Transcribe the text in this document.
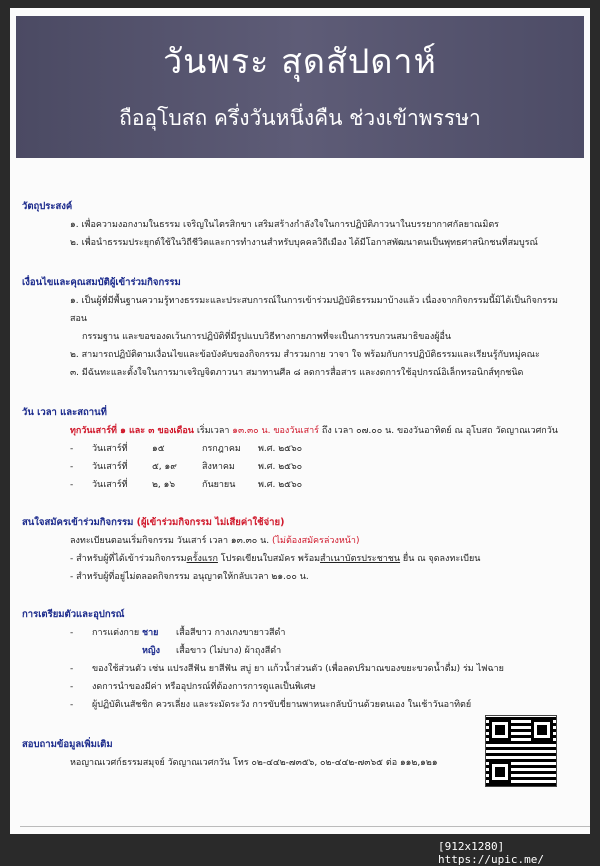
วันพระ สุดสัปดาห์
ถืออุโบสถ ครึ่งวันหนึ่งคืน ช่วงเข้าพรรษา
วัตถุประสงค์
๑. เพื่อความงอกงามในธรรม เจริญในไตรสิกขา เสริมสร้างกำลังใจในการปฏิบัติภาวนาในบรรยากาศกัลยาณมิตร
๒. เพื่อนำธรรมประยุกต์ใช้ในวิถีชีวิตและการทำงานสำหรับบุคคลวิถีเมือง ได้มีโอกาสพัฒนาตนเป็นพุทธศาสนิกชนที่สมบูรณ์
เงื่อนไขและคุณสมบัติผู้เข้าร่วมกิจกรรม
๑. เป็นผู้ที่มีพื้นฐานความรู้ทางธรรมะและประสบการณ์ในการเข้าร่วมปฏิบัติธรรมมาบ้างแล้ว เนื่องจากกิจกรรมนี้มิได้เป็นกิจกรรมสอน
กรรมฐาน และขอของดเว้นการปฏิบัติที่มีรูปแบบวิธีทางกายภาพที่จะเป็นการรบกวนสมาธิของผู้อื่น
๒. สามารถปฏิบัติตามเงื่อนไขและข้อบังคับของกิจกรรม สำรวมกาย วาจา ใจ พร้อมกับการปฏิบัติธรรมและเรียนรู้กับหมู่คณะ
๓. มีฉันทะและตั้งใจในการมาเจริญจิตภาวนา สมาทานศีล ๘ ลดการสื่อสาร และงดการใช้อุปกรณ์อิเล็กทรอนิกส์ทุกชนิด
วัน เวลา และสถานที่
ทุกวันเสาร์ที่ ๑ และ ๓ ของเดือน เริ่มเวลา ๑๓.๓๐ น. ของวันเสาร์ ถึง เวลา ๐๗.๐๐ น. ของวันอาทิตย์ ณ อุโบสถ วัดญาณเวศกวัน
- วันเสาร์ที่	๑๕	กรกฎาคม พ.ศ. ๒๕๖๐
- วันเสาร์ที่	๕, ๑๙	สิงหาคม	พ.ศ. ๒๕๖๐
- วันเสาร์ที่	๒, ๑๖	กันยายน	พ.ศ. ๒๕๖๐
สนใจสมัครเข้าร่วมกิจกรรม (ผู้เข้าร่วมกิจกรรม ไม่เสียค่าใช้จ่าย)
ลงทะเบียนตอนเริ่มกิจกรรม วันเสาร์ เวลา ๑๓.๓๐ น. (ไม่ต้องสมัครล่วงหน้า)
- สำหรับผู้ที่ได้เข้าร่วมกิจกรรมครั้งแรก โปรดเขียนใบสมัคร พร้อมสำเนาบัตรประชาชน ยื่น ณ จุดลงทะเบียน
- สำหรับผู้ที่อยู่ไม่ตลอดกิจกรรม อนุญาตให้กลับเวลา ๒๑.๐๐ น.
การเตรียมตัวและอุปกรณ์
- การแต่งกาย ชาย เสื้อสีขาว กางเกงขายาวสีดำ
หญิง เสื้อขาว (ไม่บาง) ผ้าถุงสีดำ
- ของใช้ส่วนตัว เช่น แปรงสีฟัน ยาสีฟัน สบู่ ยา แก้วน้ำส่วนตัว (เพื่อลดปริมาณของขยะขวดน้ำดื่ม) ร่ม ไฟฉาย
- งดการนำของมีค่า หรืออุปกรณ์ที่ต้องการการดูแลเป็นพิเศษ
- ผู้ปฏิบัติเนสัชชิก ควรเลี่ยง และระมัดระวัง การขับขี่ยานพาหนะกลับบ้านด้วยตนเอง ในเช้าวันอาทิตย์
สอบถามข้อมูลเพิ่มเติม
หอญาณเวศก์ธรรมสมุจย์ วัดญาณเวศกวัน โทร ๐๒-๔๔๒-๗๓๕๖, ๐๒-๔๔๒-๗๓๖๕ ต่อ ๑๑๒,๑๒๑
[912x1280] https://upic.me/
